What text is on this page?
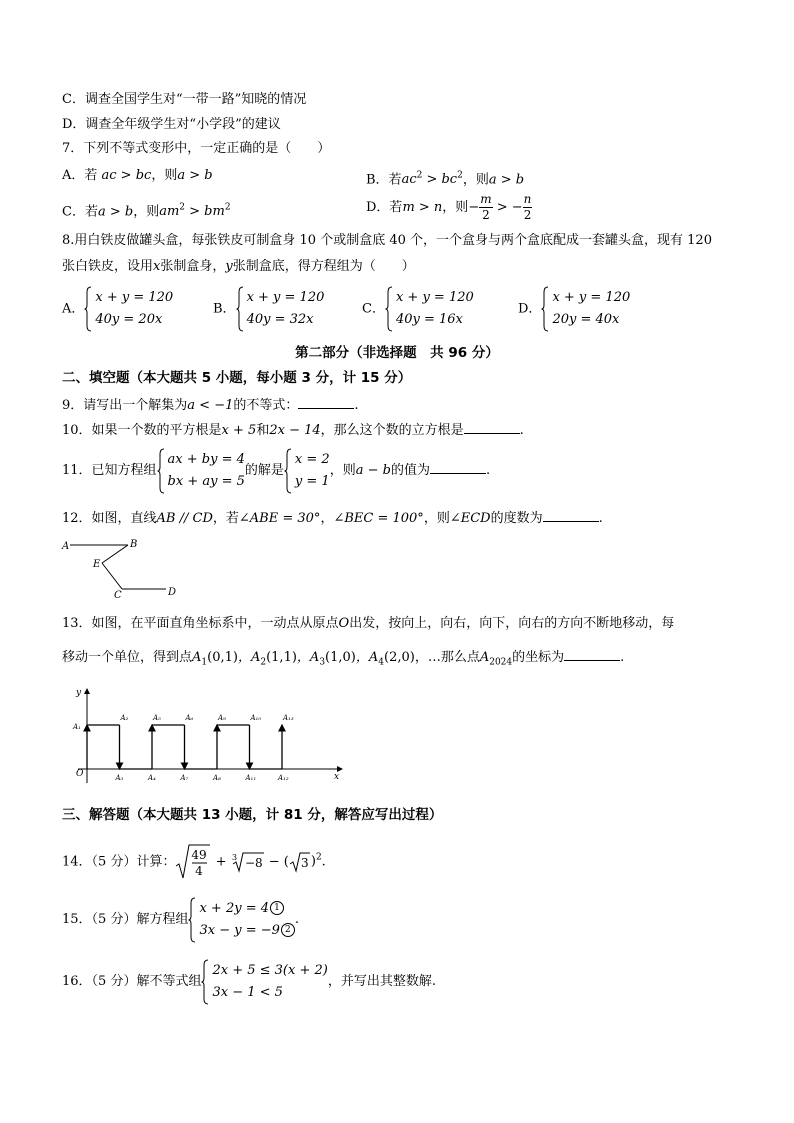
C．调查全国学生对“一带一路”知晓的情况
D．调查全年级学生对“小学段”的建议
7．下列不等式变形中，一定正确的是（　　）
A．若 ac > bc，则a > b	B．若$ac^2 > bc^2$，则a > b
C．若a > b，则$am^2 > bm^2$	D．若m > n，则− $\frac{m}{2}$ > − $\frac{n}{2}$
8.用白铁皮做罐头盒，每张铁皮可制盒身 10 个或制盒底 40 个，一个盒身与两个盒底配成一套罐头盒，现有 120
张白铁皮，设用x张制盒身，y张制盒底，得方程组为（　　）
A．
x + y = 120
40y = 20x
B．
x + y = 120
40y = 32x
C．
x + y = 120
40y = 16x
D．
x + y = 120
20y = 40x
第二部分（非选择题　共 96 分）
二、填空题（本大题共 5 小题，每小题 3 分，计 15 分）
9．请写出一个解集为a < −1的不等式：	.
10．如果一个数的平方根是x + 5和2x − 14，那么这个数的立方根是	.
11．已知方程组
ax + by = 4
bx + ay = 5
的解是
x = 2
y = 1
，则a − b的值为	.
12．如图，直线AB // CD，若∠ABE = 30°，∠BEC = 100°，则∠ECD的度数为	.
A	B
E
C	D
13．如图，在平面直角坐标系中，一动点从原点O出发，按向上，向右，向下，向右的方向不断地移动，每
移动一个单位，得到点$A_1(0,1)$，$A_2(1,1)$，$A_3(1,0)$，$A_4(2,0)$，…那么点$A_{2024}$的坐标为	.
y
x
O
A₁
A₂	A₅	A₆	A₉	A₁₀	A₁₃
A₃	A₄	A₇	A₈	A₁₁	A₁₂
三、解答题（本大题共 13 小题，计 81 分，解答应写出过程）
14．（5 分）计算： 49
4
+ 3 −8 − ( 3 )$^2$.
15．（5 分）解方程组
x + 2y = 4 1
3x − y = −9 2
.
16．（5 分）解不等式组
2x + 5 ≤ 3(x + 2)
3x − 1 < 5
，并写出其整数解.
